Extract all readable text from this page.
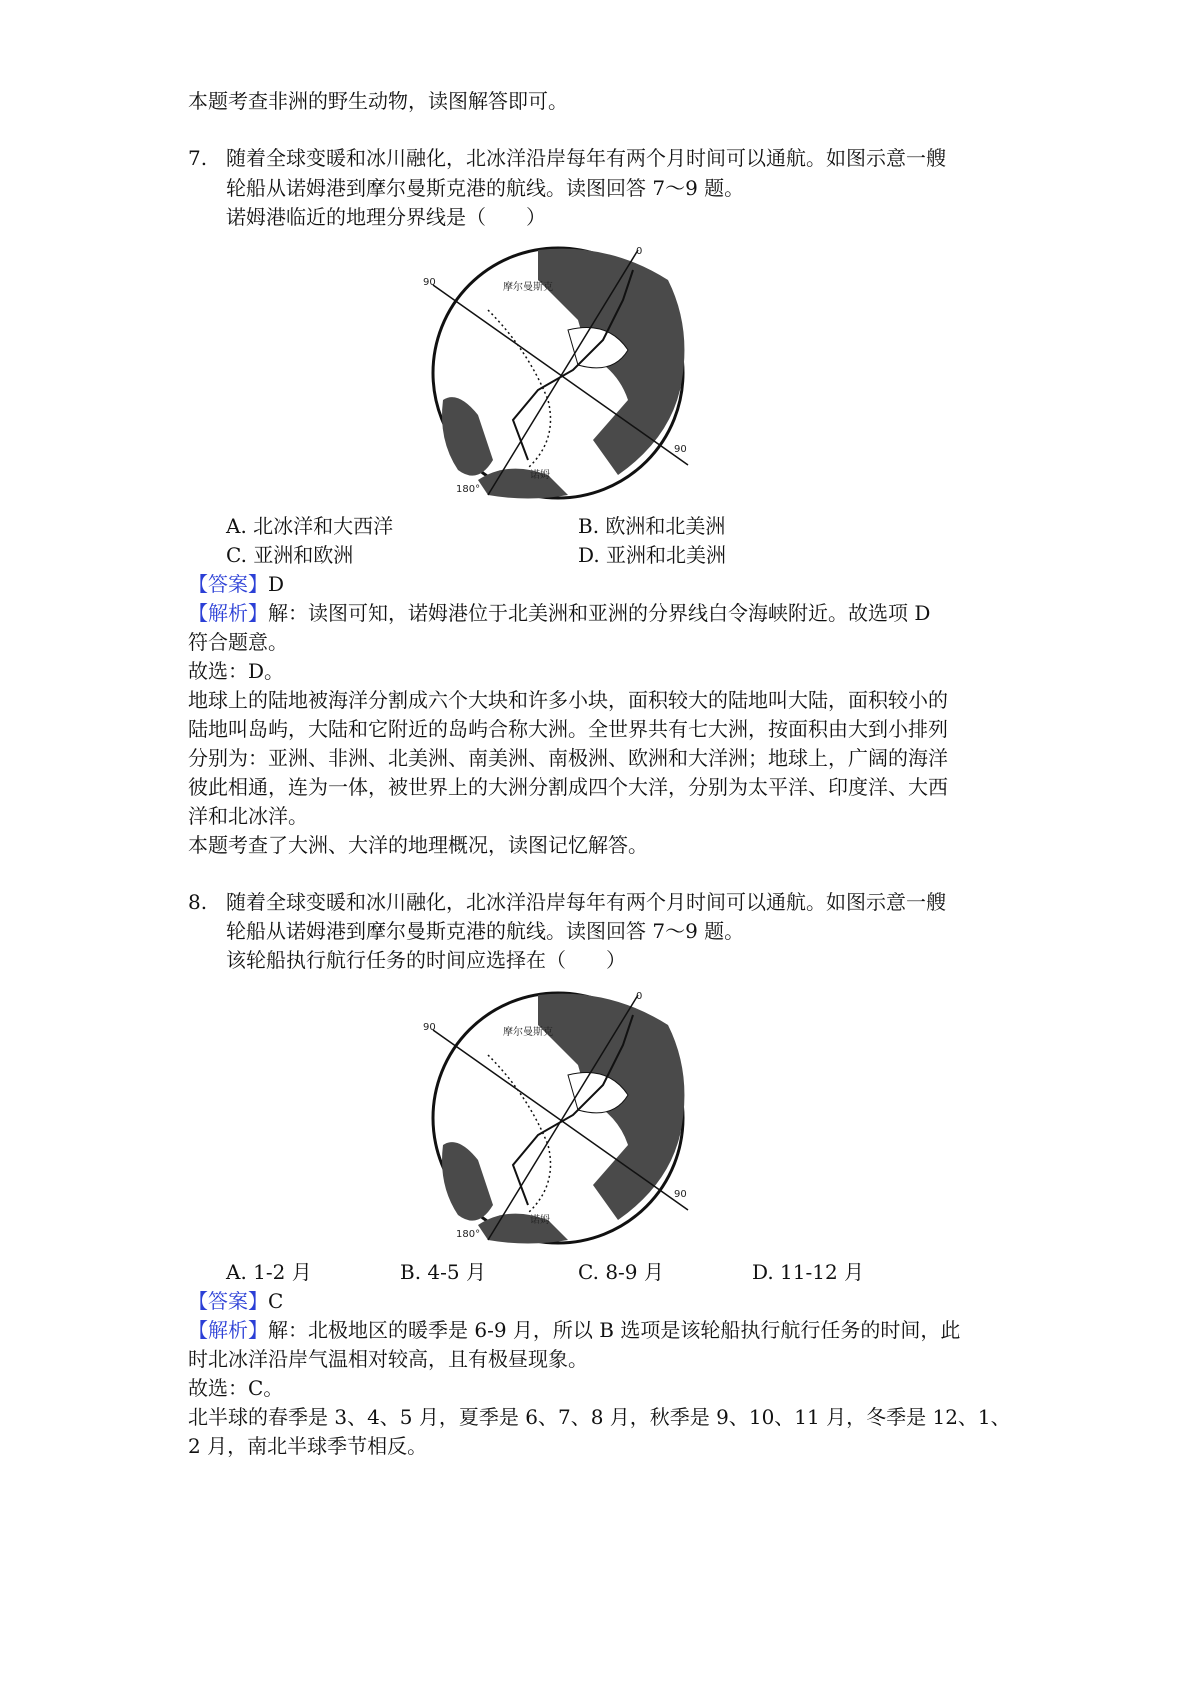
本题考查非洲的野生动物，读图解答即可。
7. 随着全球变暖和冰川融化，北冰洋沿岸每年有两个月时间可以通航。如图示意一艘
轮船从诺姆港到摩尔曼斯克港的航线。读图回答 7～9 题。
诺姆港临近的地理分界线是（　　）
0
90
90
180°
摩尔曼斯克
诺姆
A. 北冰洋和大西洋	B. 欧洲和北美洲
C. 亚洲和欧洲	D. 亚洲和北美洲
【答案】D
【解析】解：读图可知，诺姆港位于北美洲和亚洲的分界线白令海峡附近。故选项 D
符合题意。
故选：D。
地球上的陆地被海洋分割成六个大块和许多小块，面积较大的陆地叫大陆，面积较小的
陆地叫岛屿，大陆和它附近的岛屿合称大洲。全世界共有七大洲，按面积由大到小排列
分别为：亚洲、非洲、北美洲、南美洲、南极洲、欧洲和大洋洲；地球上，广阔的海洋
彼此相通，连为一体，被世界上的大洲分割成四个大洋，分别为太平洋、印度洋、大西
洋和北冰洋。
本题考查了大洲、大洋的地理概况，读图记忆解答。
8. 随着全球变暖和冰川融化，北冰洋沿岸每年有两个月时间可以通航。如图示意一艘
轮船从诺姆港到摩尔曼斯克港的航线。读图回答 7～9 题。
该轮船执行航行任务的时间应选择在（　　）
0
90
90
180°
摩尔曼斯克
诺姆
A. 1-2 月	B. 4-5 月	C. 8-9 月	D. 11-12 月
【答案】C
【解析】解：北极地区的暖季是 6-9 月，所以 B 选项是该轮船执行航行任务的时间，此
时北冰洋沿岸气温相对较高，且有极昼现象。
故选：C。
北半球的春季是 3、4、5 月，夏季是 6、7、8 月，秋季是 9、10、11 月，冬季是 12、1、
2 月，南北半球季节相反。
